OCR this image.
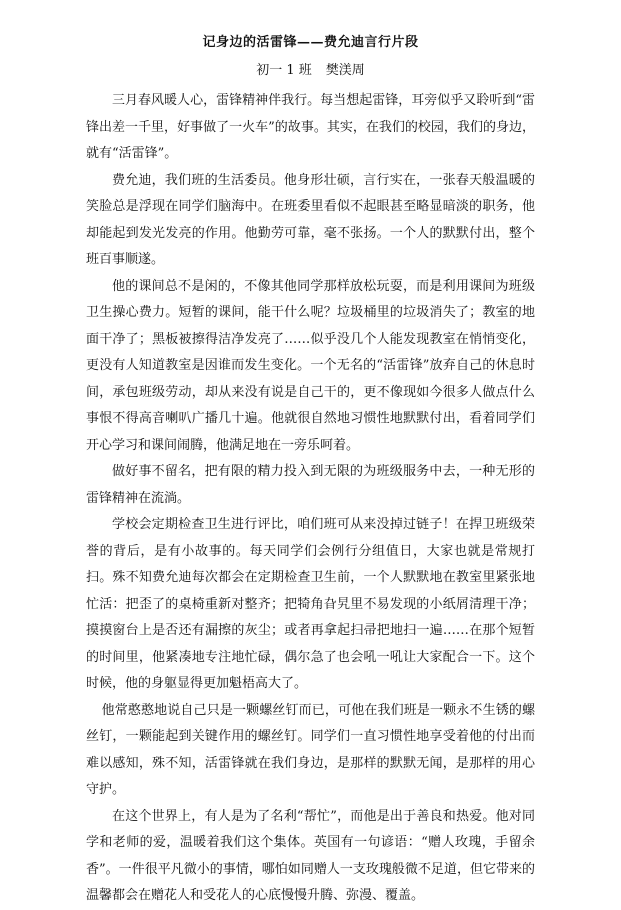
记身边的活雷锋——费允迪言行片段
初一 1 班 樊渼周

三月春风暖人心，雷锋精神伴我行。每当想起雷锋，耳旁似乎又聆听到“雷锋出差一千里，好事做了一火车”的故事。其实，在我们的校园，我们的身边，就有“活雷锋”。

费允迪，我们班的生活委员。他身形壮硕，言行实在，一张春天般温暖的笑脸总是浮现在同学们脑海中。在班委里看似不起眼甚至略显暗淡的职务，他却能起到发光发亮的作用。他勤劳可靠，毫不张扬。一个人的默默付出，整个班百事顺遂。

他的课间总不是闲的，不像其他同学那样放松玩耍，而是利用课间为班级卫生操心费力。短暂的课间，能干什么呢？垃圾桶里的垃圾消失了；教室的地面干净了；黑板被擦得洁净发亮了……似乎没几个人能发现教室在悄悄变化，更没有人知道教室是因谁而发生变化。一个无名的“活雷锋”放弃自己的休息时间，承包班级劳动，却从来没有说是自己干的，更不像现如今很多人做点什么事恨不得高音喇叭广播几十遍。他就很自然地习惯性地默默付出，看着同学们开心学习和课间闹腾，他满足地在一旁乐呵着。

做好事不留名，把有限的精力投入到无限的为班级服务中去，一种无形的雷锋精神在流淌。

学校会定期检查卫生进行评比，咱们班可从来没掉过链子！在捍卫班级荣誉的背后，是有小故事的。每天同学们会例行分组值日，大家也就是常规打扫。殊不知费允迪每次都会在定期检查卫生前，一个人默默地在教室里紧张地忙活：把歪了的桌椅重新对整齐；把犄角旮旯里不易发现的小纸屑清理干净；摸摸窗台上是否还有漏擦的灰尘；或者再拿起扫帚把地扫一遍……在那个短暂的时间里，他紧凑地专注地忙碌，偶尔急了也会吼一吼让大家配合一下。这个时候，他的身躯显得更加魁梧高大了。

他常憨憨地说自己只是一颗螺丝钉而已，可他在我们班是一颗永不生锈的螺丝钉，一颗能起到关键作用的螺丝钉。同学们一直习惯性地享受着他的付出而难以感知，殊不知，活雷锋就在我们身边，是那样的默默无闻，是那样的用心守护。

在这个世界上，有人是为了名利“帮忙”，而他是出于善良和热爱。他对同学和老师的爱，温暖着我们这个集体。英国有一句谚语：“赠人玫瑰，手留余香”。一件很平凡微小的事情，哪怕如同赠人一支玫瑰般微不足道，但它带来的温馨都会在赠花人和受花人的心底慢慢升腾、弥漫、覆盖。
